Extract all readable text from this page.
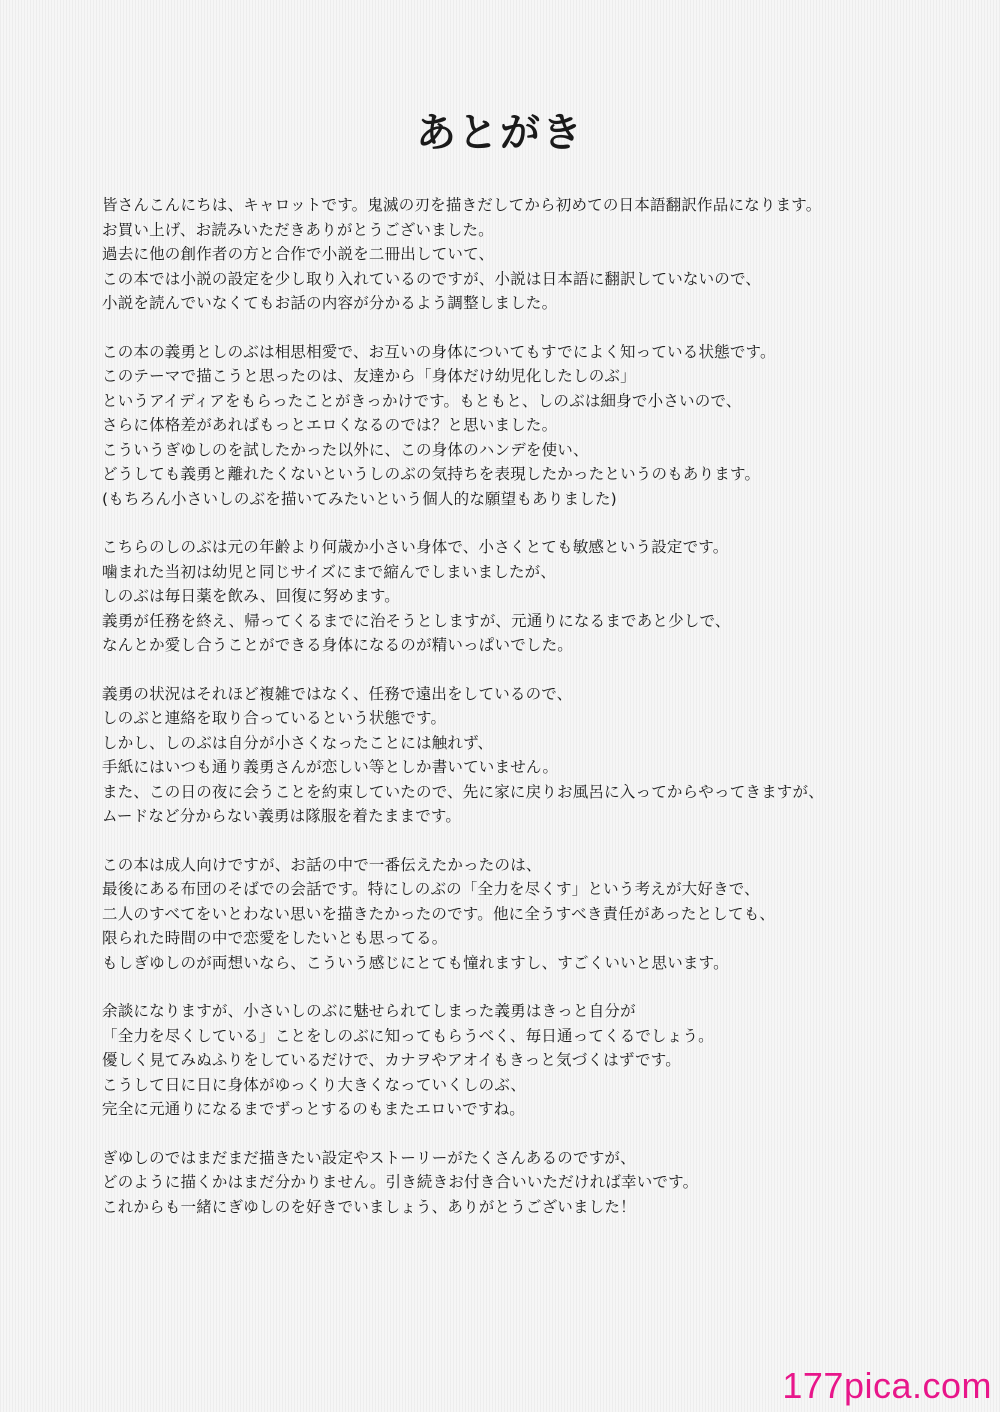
あとがき
皆さんこんにちは、キャロットです。鬼滅の刃を描きだしてから初めての日本語翻訳作品になります。
お買い上げ、お読みいただきありがとうございました。
過去に他の創作者の方と合作で小説を二冊出していて、
この本では小説の設定を少し取り入れているのですが、小説は日本語に翻訳していないので、
小説を読んでいなくてもお話の内容が分かるよう調整しました。
この本の義勇としのぶは相思相愛で、お互いの身体についてもすでによく知っている状態です。
このテーマで描こうと思ったのは、友達から「身体だけ幼児化したしのぶ」
というアイディアをもらったことがきっかけです。もともと、しのぶは細身で小さいので、
さらに体格差があればもっとエロくなるのでは？と思いました。
こういうぎゆしのを試したかった以外に、この身体のハンデを使い、
どうしても義勇と離れたくないというしのぶの気持ちを表現したかったというのもあります。
(もちろん小さいしのぶを描いてみたいという個人的な願望もありました)
こちらのしのぶは元の年齢より何歳か小さい身体で、小さくとても敏感という設定です。
噛まれた当初は幼児と同じサイズにまで縮んでしまいましたが、
しのぶは毎日薬を飲み、回復に努めます。
義勇が任務を終え、帰ってくるまでに治そうとしますが、元通りになるまであと少しで、
なんとか愛し合うことができる身体になるのが精いっぱいでした。
義勇の状況はそれほど複雑ではなく、任務で遠出をしているので、
しのぶと連絡を取り合っているという状態です。
しかし、しのぶは自分が小さくなったことには触れず、
手紙にはいつも通り義勇さんが恋しい等としか書いていません。
また、この日の夜に会うことを約束していたので、先に家に戻りお風呂に入ってからやってきますが、
ムードなど分からない義勇は隊服を着たままです。
この本は成人向けですが、お話の中で一番伝えたかったのは、
最後にある布団のそばでの会話です。特にしのぶの「全力を尽くす」という考えが大好きで、
二人のすべてをいとわない思いを描きたかったのです。他に全うすべき責任があったとしても、
限られた時間の中で恋愛をしたいとも思ってる。
もしぎゆしのが両想いなら、こういう感じにとても憧れますし、すごくいいと思います。
余談になりますが、小さいしのぶに魅せられてしまった義勇はきっと自分が
「全力を尽くしている」ことをしのぶに知ってもらうべく、毎日通ってくるでしょう。
優しく見てみぬふりをしているだけで、カナヲやアオイもきっと気づくはずです。
こうして日に日に身体がゆっくり大きくなっていくしのぶ、
完全に元通りになるまでずっとするのもまたエロいですね。
ぎゆしのではまだまだ描きたい設定やストーリーがたくさんあるのですが、
どのように描くかはまだ分かりません。引き続きお付き合いいただければ幸いです。
これからも一緒にぎゆしのを好きでいましょう、ありがとうございました！
177pica.com
